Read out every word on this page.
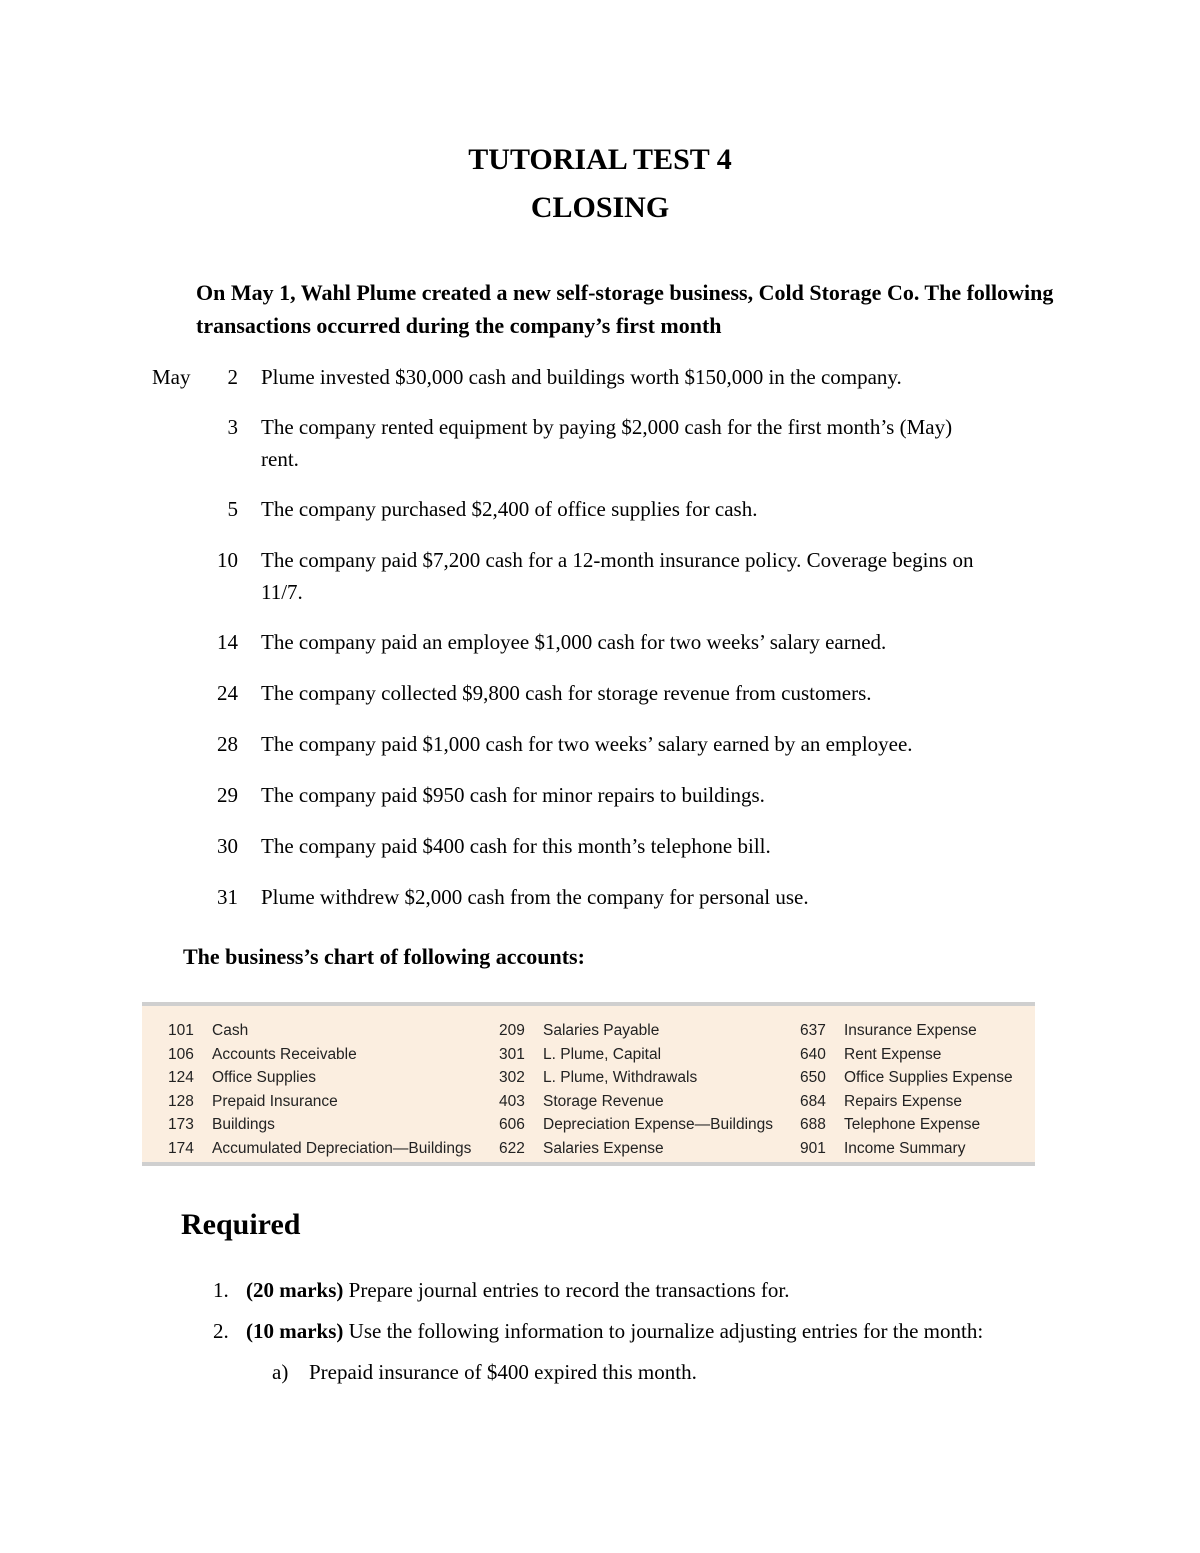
TUTORIAL TEST 4
CLOSING

On May 1, Wahl Plume created a new self-storage business, Cold Storage Co. The following transactions occurred during the company’s first month

May	2 Plume invested $30,000 cash and buildings worth $150,000 in the company.
3 The company rented equipment by paying $2,000 cash for the first month’s (May) rent.
5 The company purchased $2,400 of office supplies for cash.
10 The company paid $7,200 cash for a 12-month insurance policy. Coverage begins on 11/7.
14 The company paid an employee $1,000 cash for two weeks’ salary earned.
24 The company collected $9,800 cash for storage revenue from customers.
28 The company paid $1,000 cash for two weeks’ salary earned by an employee.
29 The company paid $950 cash for minor repairs to buildings.
30 The company paid $400 cash for this month’s telephone bill.
31 Plume withdrew $2,000 cash from the company for personal use.

The business’s chart of following accounts:

101 Cash
106 Accounts Receivable
124 Office Supplies
128 Prepaid Insurance
173 Buildings
174 Accumulated Depreciation—Buildings
209 Salaries Payable
301 L. Plume, Capital
302 L. Plume, Withdrawals
403 Storage Revenue
606 Depreciation Expense—Buildings
622 Salaries Expense
637 Insurance Expense
640 Rent Expense
650 Office Supplies Expense
684 Repairs Expense
688 Telephone Expense
901 Income Summary
Required
1. (20 marks) Prepare journal entries to record the transactions for.
2. (10 marks) Use the following information to journalize adjusting entries for the month:
a) Prepaid insurance of $400 expired this month.
